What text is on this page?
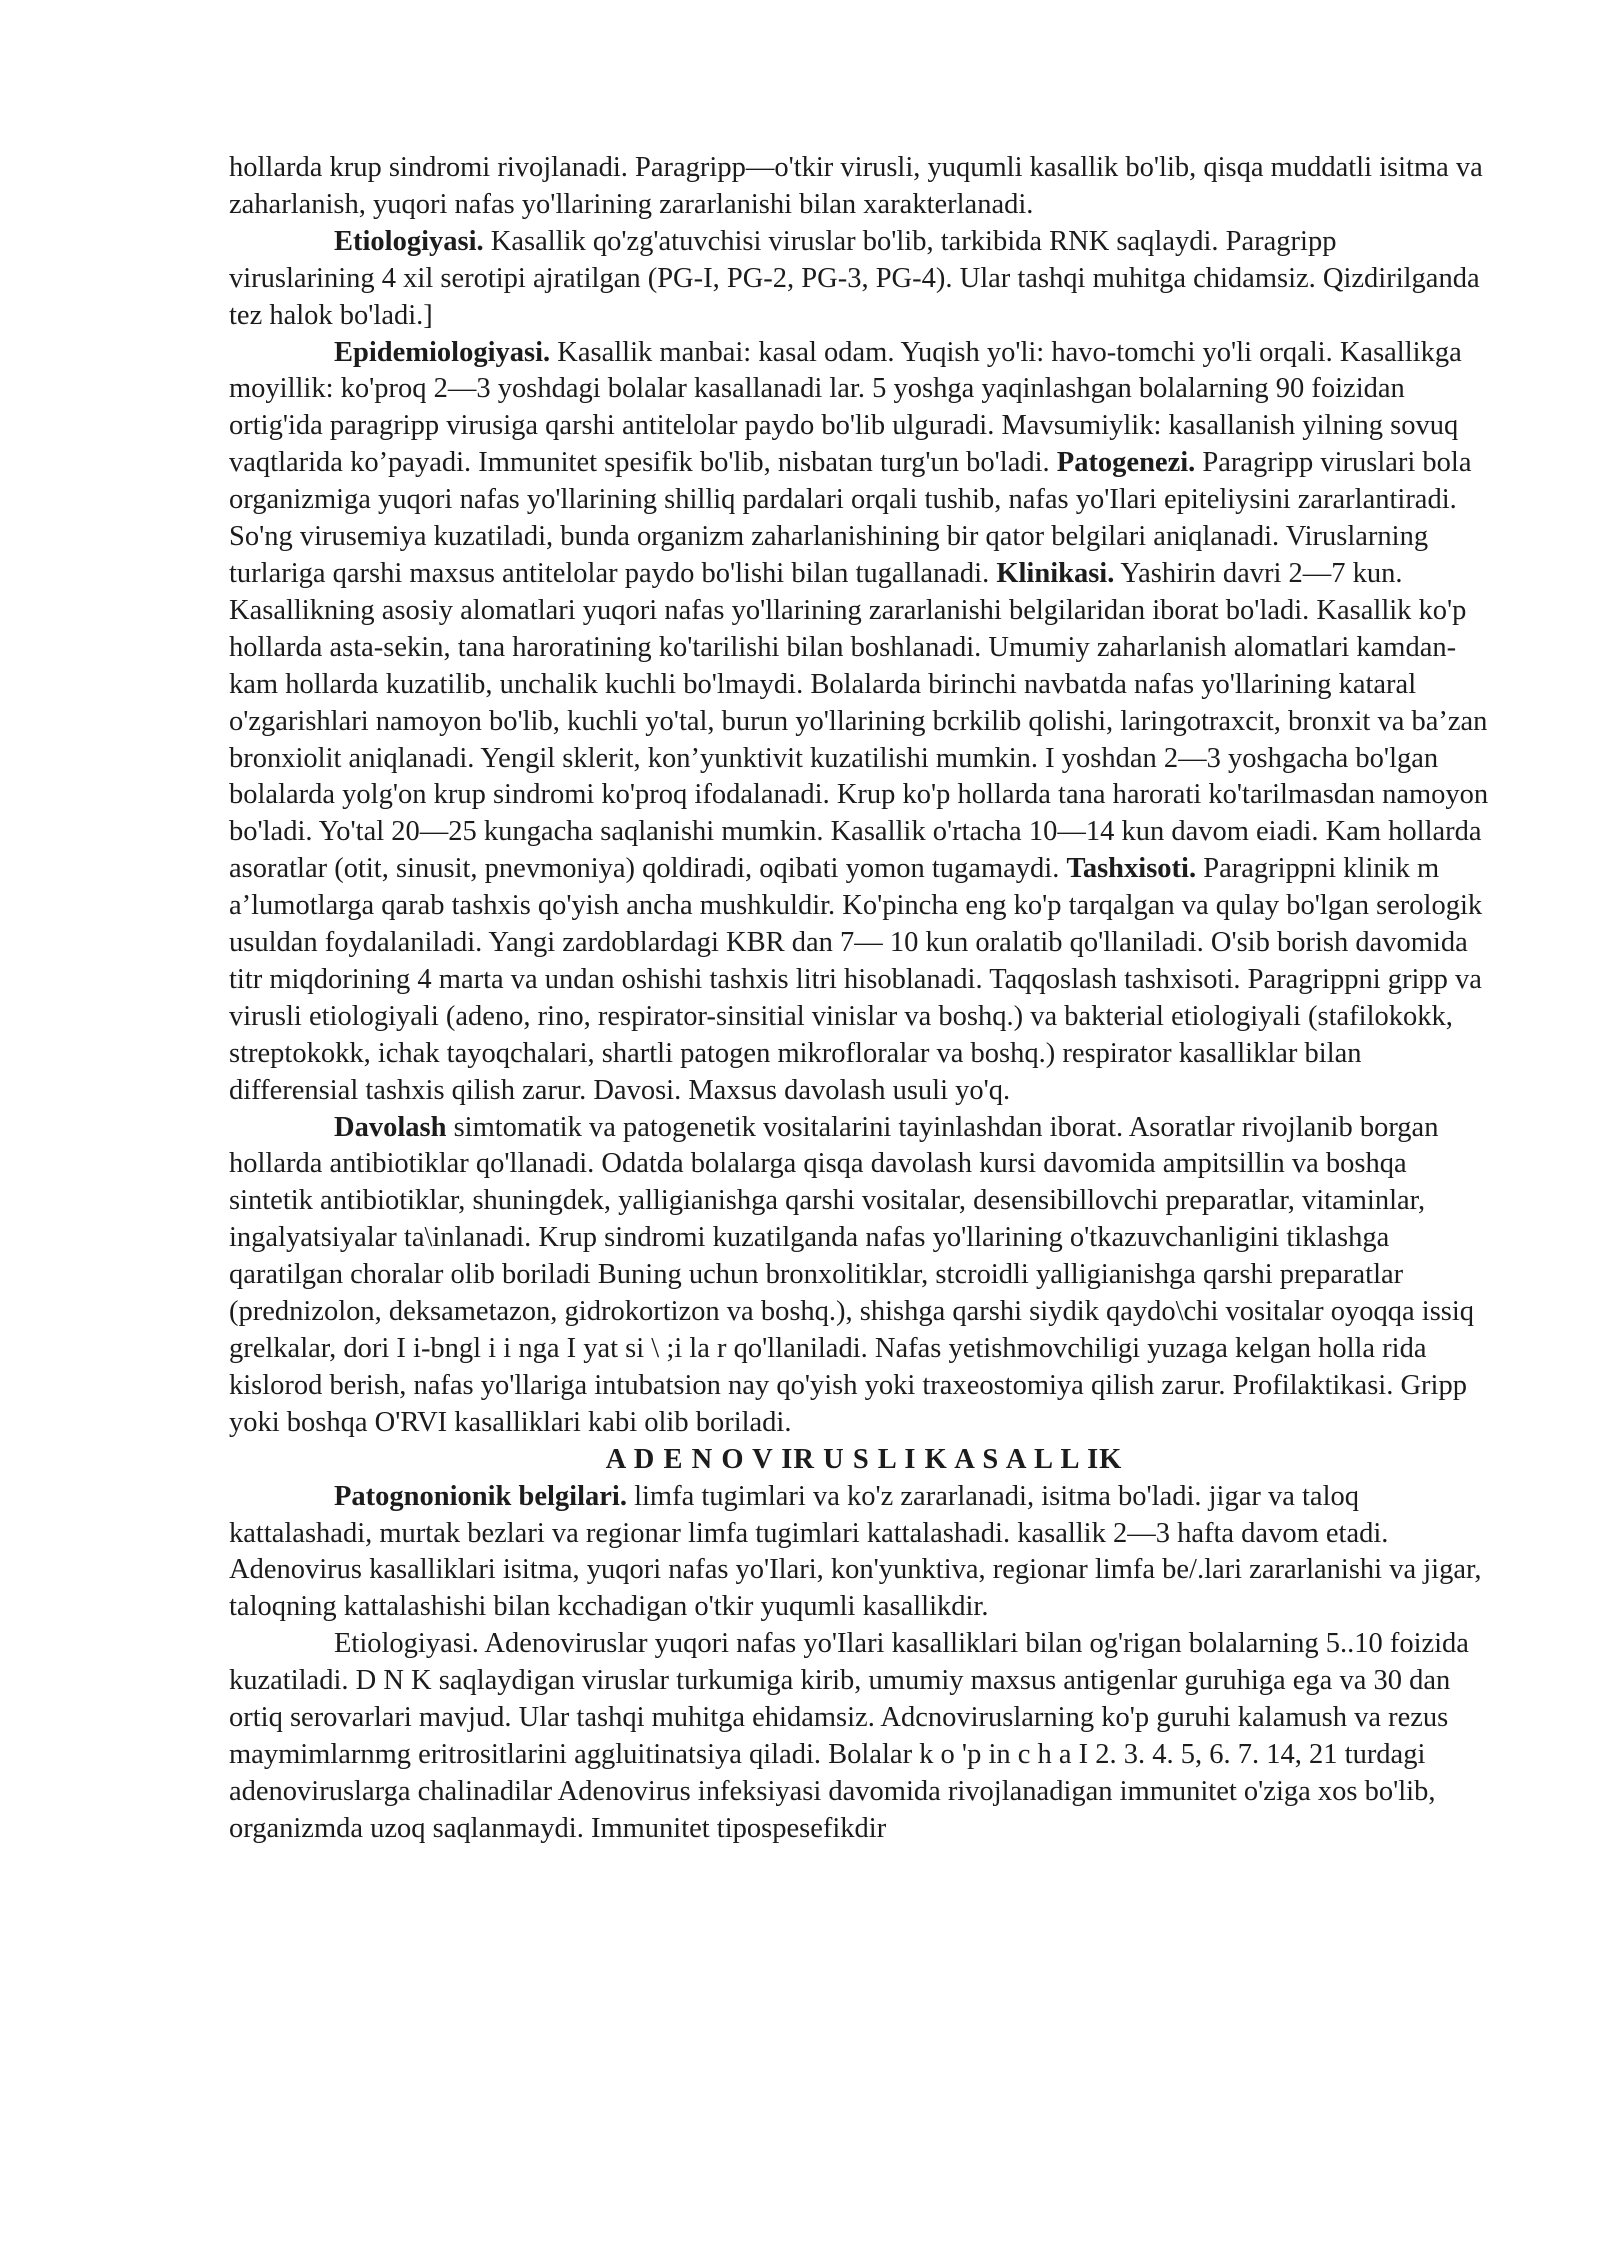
hollarda krup sindromi rivojlanadi. Paragripp—o'tkir virusli, yuqumli kasallik bo'lib, qisqa muddatli isitma va zaharlanish, yuqori nafas yo'llarining zararlanishi bilan xarakterlanadi.

Etiologiyasi. Kasallik qo'zg'atuvchisi viruslar bo'lib, tarkibida RNK saqlaydi. Paragripp viruslarining 4 xil serotipi ajratilgan (PG-I, PG-2, PG-3, PG-4). Ular tashqi muhitga chidamsiz. Qizdirilganda tez halok bo'ladi.]

Epidemiologiyasi. Kasallik manbai: kasal odam. Yuqish yo'li: havo-tomchi yo'li orqali. Kasallikga moyillik: ko'proq 2—3 yoshdagi bolalar kasallanadi lar. 5 yoshga yaqinlashgan bolalarning 90 foizidan ortig'ida paragripp virusiga qarshi antitelolar paydo bo'lib ulguradi. Mavsumiylik: kasallanish yilning sovuq vaqtlarida ko’payadi. Immunitet spesifik bo'lib, nisbatan turg'un bo'ladi. Patogenezi. Paragripp viruslari bola organizmiga yuqori nafas yo'llarining shilliq pardalari orqali tushib, nafas yo'Ilari epiteliysini zararlantiradi. So'ng virusemiya kuzatiladi, bunda organizm zaharlanishining bir qator belgilari aniqlanadi. Viruslarning turlariga qarshi maxsus antitelolar paydo bo'lishi bilan tugallanadi. Klinikasi. Yashirin davri 2—7 kun. Kasallikning asosiy alomatlari yuqori nafas yo'llarining zararlanishi belgilaridan iborat bo'ladi. Kasallik ko'p hollarda asta-sekin, tana haroratining ko'tarilishi bilan boshlanadi. Umumiy zaharlanish alomatlari kamdan-kam hollarda kuzatilib, unchalik kuchli bo'lmaydi. Bolalarda birinchi navbatda nafas yo'llarining kataral o'zgarishlari namoyon bo'lib, kuchli yo'tal, burun yo'llarining bcrkilib qolishi, laringotraxcit, bronxit va ba’zan bronxiolit aniqlanadi. Yengil sklerit, kon’yunktivit kuzatilishi mumkin. I yoshdan 2—3 yoshgacha bo'lgan bolalarda yolg'on krup sindromi ko'proq ifodalanadi. Krup ko'p hollarda tana harorati ko'tarilmasdan namoyon bo'ladi. Yo'tal 20—25 kungacha saqlanishi mumkin. Kasallik o'rtacha 10—14 kun davom eiadi. Kam hollarda asoratlar (otit, sinusit, pnevmoniya) qoldiradi, oqibati yomon tugamaydi. Tashxisoti. Paragrippni klinik m a’lumotlarga qarab tashxis qo'yish ancha mushkuldir. Ko'pincha eng ko'p tarqalgan va qulay bo'lgan serologik usuldan foydalaniladi. Yangi zardoblardagi KBR dan 7— 10 kun oralatib qo'llaniladi. O'sib borish davomida titr miqdorining 4 marta va undan oshishi tashxis litri hisoblanadi. Taqqoslash tashxisoti. Paragrippni gripp va virusli etiologiyali (adeno, rino, respirator-sinsitial vinislar va boshq.) va bakterial etiologiyali (stafilokokk, streptokokk, ichak tayoqchalari, shartli patogen mikrofloralar va boshq.) respirator kasalliklar bilan differensial tashxis qilish zarur. Davosi. Maxsus davolash usuli yo'q.

Davolash simtomatik va patogenetik vositalarini tayinlashdan iborat. Asoratlar rivojlanib borgan hollarda antibiotiklar qo'llanadi. Odatda bolalarga qisqa davolash kursi davomida ampitsillin va boshqa sintetik antibiotiklar, shuningdek, yalligianishga qarshi vositalar, desensibillovchi preparatlar, vitaminlar, ingalyatsiyalar ta\inlanadi. Krup sindromi kuzatilganda nafas yo'llarining o'tkazuvchanligini tiklashga qaratilgan choralar olib boriladi Buning uchun bronxolitiklar, stcroidli yalligianishga qarshi preparatlar (prednizolon, deksametazon, gidrokortizon va boshq.), shishga qarshi siydik qaydo\chi vositalar oyoqqa issiq grelkalar, dori I i-bngl i i nga I yat si \ ;i la r qo'llaniladi. Nafas yetishmovchiligi yuzaga kelgan holla rida kislorod berish, nafas yo'llariga intubatsion nay qo'yish yoki traxeostomiya qilish zarur. Profilaktikasi. Gripp yoki boshqa O'RVI kasalliklari kabi olib boriladi.

A D E N O V IR U S L I K A S A L L IK

Patognonionik belgilari. limfa tugimlari va ko'z zararlanadi, isitma bo'ladi. jigar va taloq kattalashadi, murtak bezlari va regionar limfa tugimlari kattalashadi. kasallik 2—3 hafta davom etadi. Adenovirus kasalliklari isitma, yuqori nafas yo'Ilari, kon'yunktiva, regionar limfa be/.lari zararlanishi va jigar, taloqning kattalashishi bilan kcchadigan o'tkir yuqumli kasallikdir.

Etiologiyasi. Adenoviruslar yuqori nafas yo'Ilari kasalliklari bilan og'rigan bolalarning 5..10 foizida kuzatiladi. D N K saqlaydigan viruslar turkumiga kirib, umumiy maxsus antigenlar guruhiga ega va 30 dan ortiq serovarlari mavjud. Ular tashqi muhitga ehidamsiz. Adcnoviruslarning ko'p guruhi kalamush va rezus maymimlarnmg eritrositlarini aggluitinatsiya qiladi. Bolalar k o 'p in c h a I 2. 3. 4. 5, 6. 7. 14, 21 turdagi adenoviruslarga chalinadilar Adenovirus infeksiyasi davomida rivojlanadigan immunitet o'ziga xos bo'lib, organizmda uzoq saqlanmaydi. Immunitet tipospesefikdir
